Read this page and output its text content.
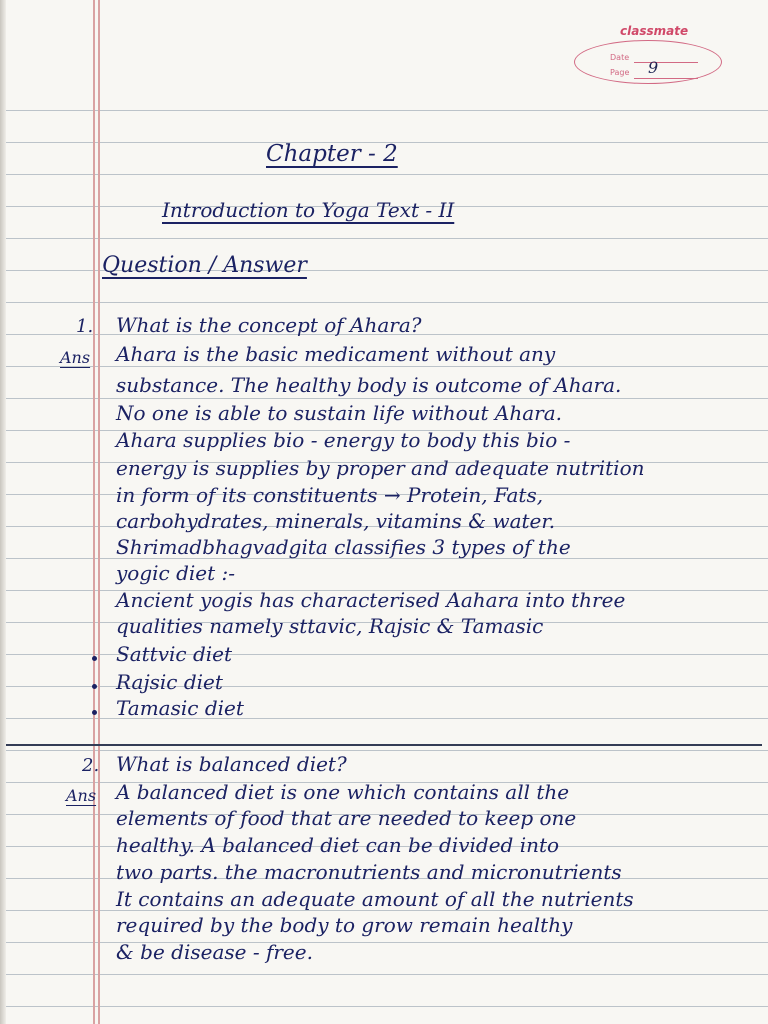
classmate
Date
Page 9
Chapter - 2
Introduction to Yoga Text - II
Question / Answer
1. What is the concept of Ahara?
Ans Ahara is the basic medicament without any
substance. The healthy body is outcome of Ahara.
No one is able to sustain life without Ahara.
Ahara supplies bio - energy to body this bio -
energy is supplies by proper and adequate nutrition
in form of its constituents → Protein, Fats,
carbohydrates, minerals, vitamins & water.
Shrimadbhagvadgita classifies 3 types of the
yogic diet :-
Ancient yogis has characterised Aahara into three
qualities namely sttavic, Rajsic & Tamasic
Sattvic diet
Rajsic diet
Tamasic diet
2. What is balanced diet?
Ans A balanced diet is one which contains all the
elements of food that are needed to keep one
healthy. A balanced diet can be divided into
two parts. the macronutrients and micronutrients
It contains an adequate amount of all the nutrients
required by the body to grow remain healthy
& be disease - free.
